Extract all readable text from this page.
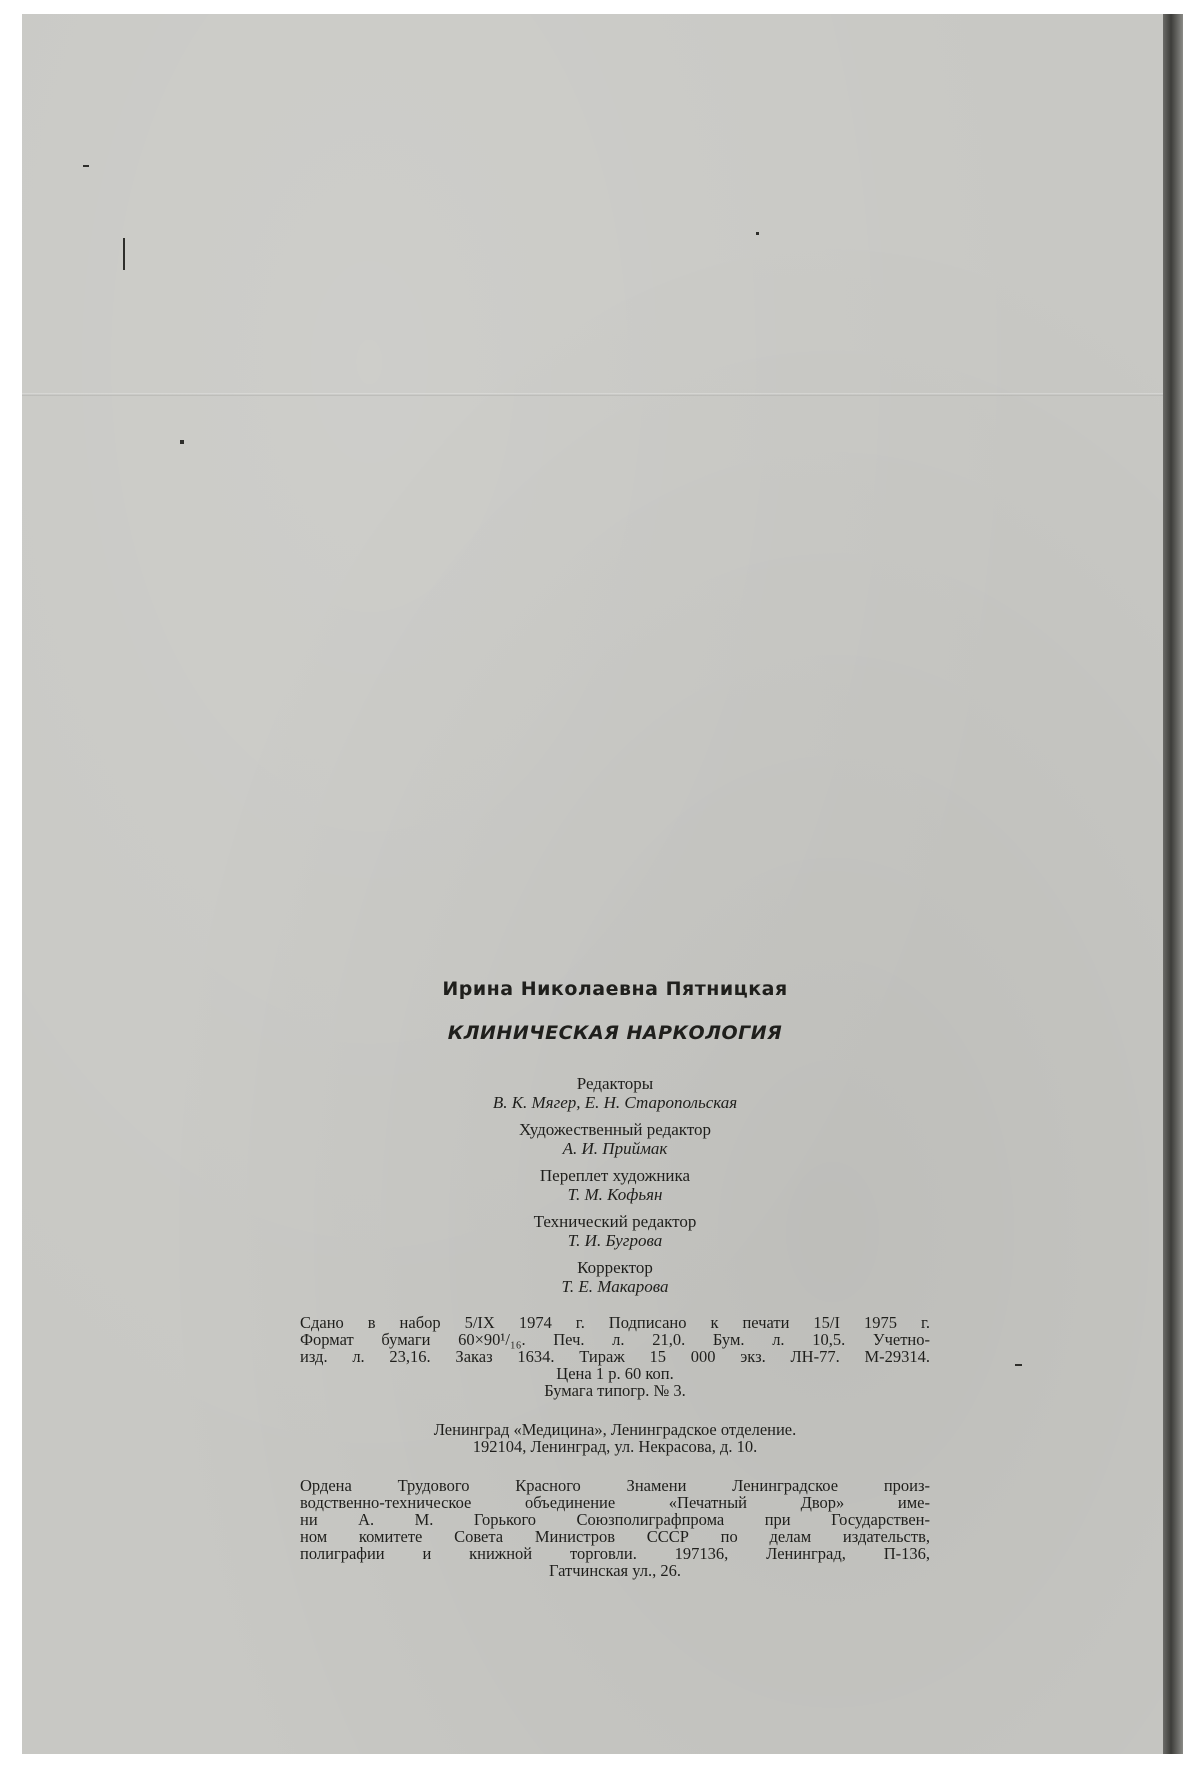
Ирина Николаевна Пятницкая
КЛИНИЧЕСКАЯ НАРКОЛОГИЯ
Редакторы
В. К. Мягер, Е. Н. Старопольская
Художественный редактор
А. И. Приймак
Переплет художника
Т. М. Кофьян
Технический редактор
Т. И. Бугрова
Корректор
Т. Е. Макарова
Сдано в набор 5/IX 1974 г. Подписано к печати 15/I 1975 г.
Формат бумаги 60×90¹/₁₆. Печ. л. 21,0. Бум. л. 10,5. Учетно-
изд. л. 23,16. Заказ 1634. Тираж 15 000 экз. ЛН-77. М-29314.
Цена 1 р. 60 коп.
Бумага типогр. № 3.
Ленинград «Медицина», Ленинградское отделение.
192104, Ленинград, ул. Некрасова, д. 10.
Ордена Трудового Красного Знамени Ленинградское произ-
водственно-техническое объединение «Печатный Двор» име-
ни А. М. Горького Союзполиграфпрома при Государствен-
ном комитете Совета Министров СССР по делам издательств,
полиграфии и книжной торговли. 197136, Ленинград, П-136,
Гатчинская ул., 26.
